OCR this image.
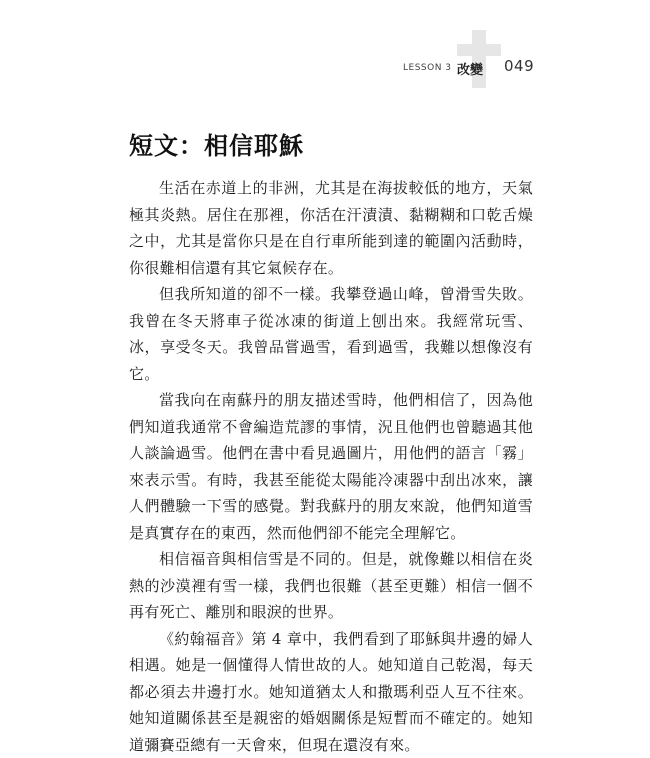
LESSON 3 改變 049
短文：相信耶穌

生活在赤道上的非洲，尤其是在海拔較低的地方，天氣極其炎熱。居住在那裡，你活在汗漬漬、黏糊糊和口乾舌燥之中，尤其是當你只是在自行車所能到達的範圍內活動時，你很難相信還有其它氣候存在。

但我所知道的卻不一樣。我攀登過山峰，曾滑雪失敗。我曾在冬天將車子從冰凍的街道上刨出來。我經常玩雪、冰，享受冬天。我曾品嘗過雪，看到過雪，我難以想像沒有它。

當我向在南蘇丹的朋友描述雪時，他們相信了，因為他們知道我通常不會編造荒謬的事情，況且他們也曾聽過其他人談論過雪。他們在書中看見過圖片，用他們的語言「霧」來表示雪。有時，我甚至能從太陽能冷凍器中刮出冰來，讓人們體驗一下雪的感覺。對我蘇丹的朋友來說，他們知道雪是真實存在的東西，然而他們卻不能完全理解它。

相信福音與相信雪是不同的。但是，就像難以相信在炎熱的沙漠裡有雪一樣，我們也很難（甚至更難）相信一個不再有死亡、離別和眼淚的世界。

《約翰福音》第 4 章中，我們看到了耶穌與井邊的婦人相遇。她是一個懂得人情世故的人。她知道自己乾渴，每天都必須去井邊打水。她知道猶太人和撒瑪利亞人互不往來。她知道關係甚至是親密的婚姻關係是短暫而不確定的。她知道彌賽亞總有一天會來，但現在還沒有來。
